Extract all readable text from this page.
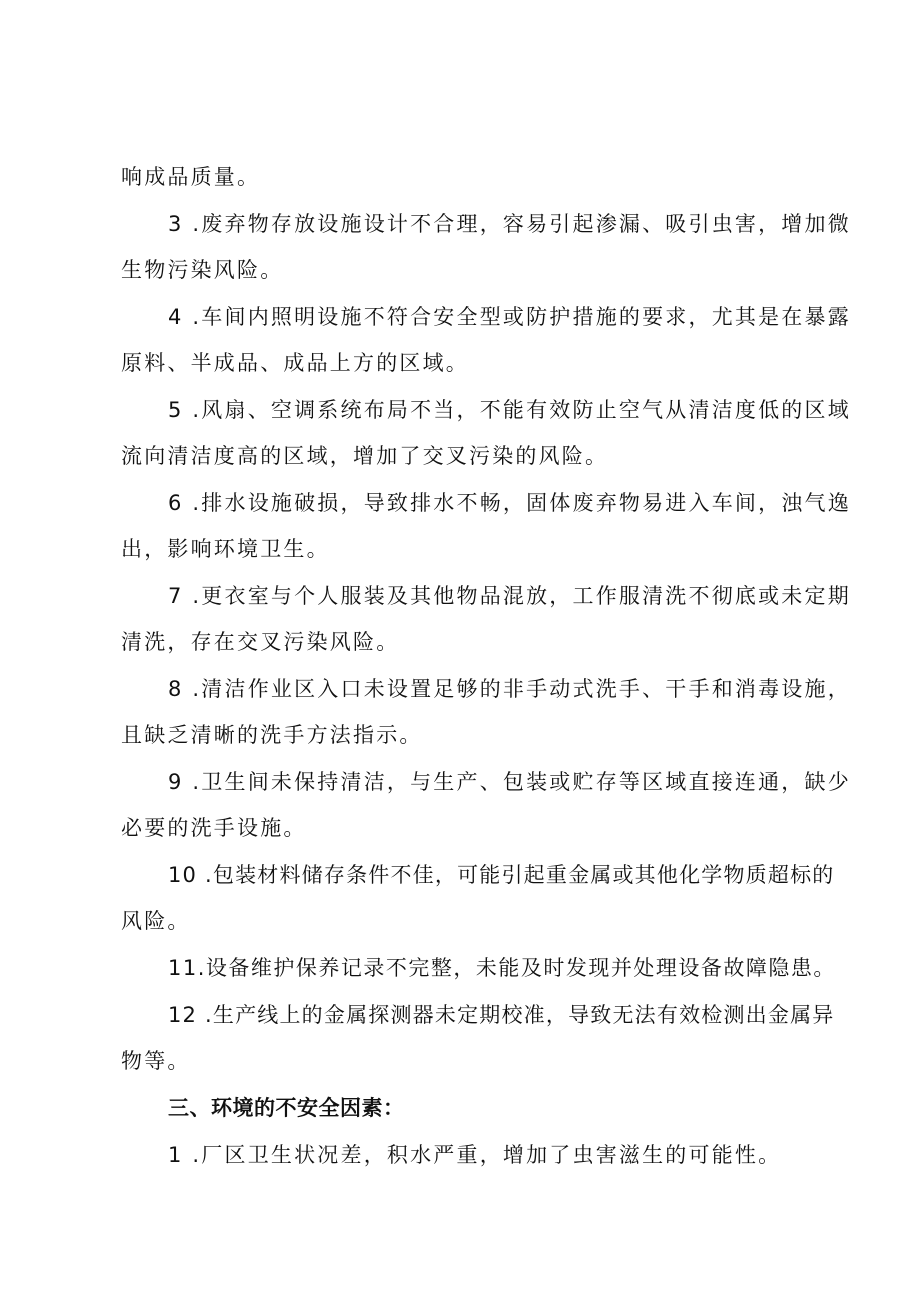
响成品质量。
3 .废弃物存放设施设计不合理，容易引起渗漏、吸引虫害，增加微
生物污染风险。
4 .车间内照明设施不符合安全型或防护措施的要求，尤其是在暴露
原料、半成品、成品上方的区域。
5 .风扇、空调系统布局不当，不能有效防止空气从清洁度低的区域
流向清洁度高的区域，增加了交叉污染的风险。
6 .排水设施破损，导致排水不畅，固体废弃物易进入车间，浊气逸
出，影响环境卫生。
7 .更衣室与个人服装及其他物品混放，工作服清洗不彻底或未定期
清洗，存在交叉污染风险。
8 .清洁作业区入口未设置足够的非手动式洗手、干手和消毒设施，
且缺乏清晰的洗手方法指示。
9 .卫生间未保持清洁，与生产、包装或贮存等区域直接连通，缺少
必要的洗手设施。
10 .包装材料储存条件不佳，可能引起重金属或其他化学物质超标的
风险。
11.设备维护保养记录不完整，未能及时发现并处理设备故障隐患。
12 .生产线上的金属探测器未定期校准，导致无法有效检测出金属异
物等。
三、环境的不安全因素：
1 .厂区卫生状况差，积水严重，增加了虫害滋生的可能性。
